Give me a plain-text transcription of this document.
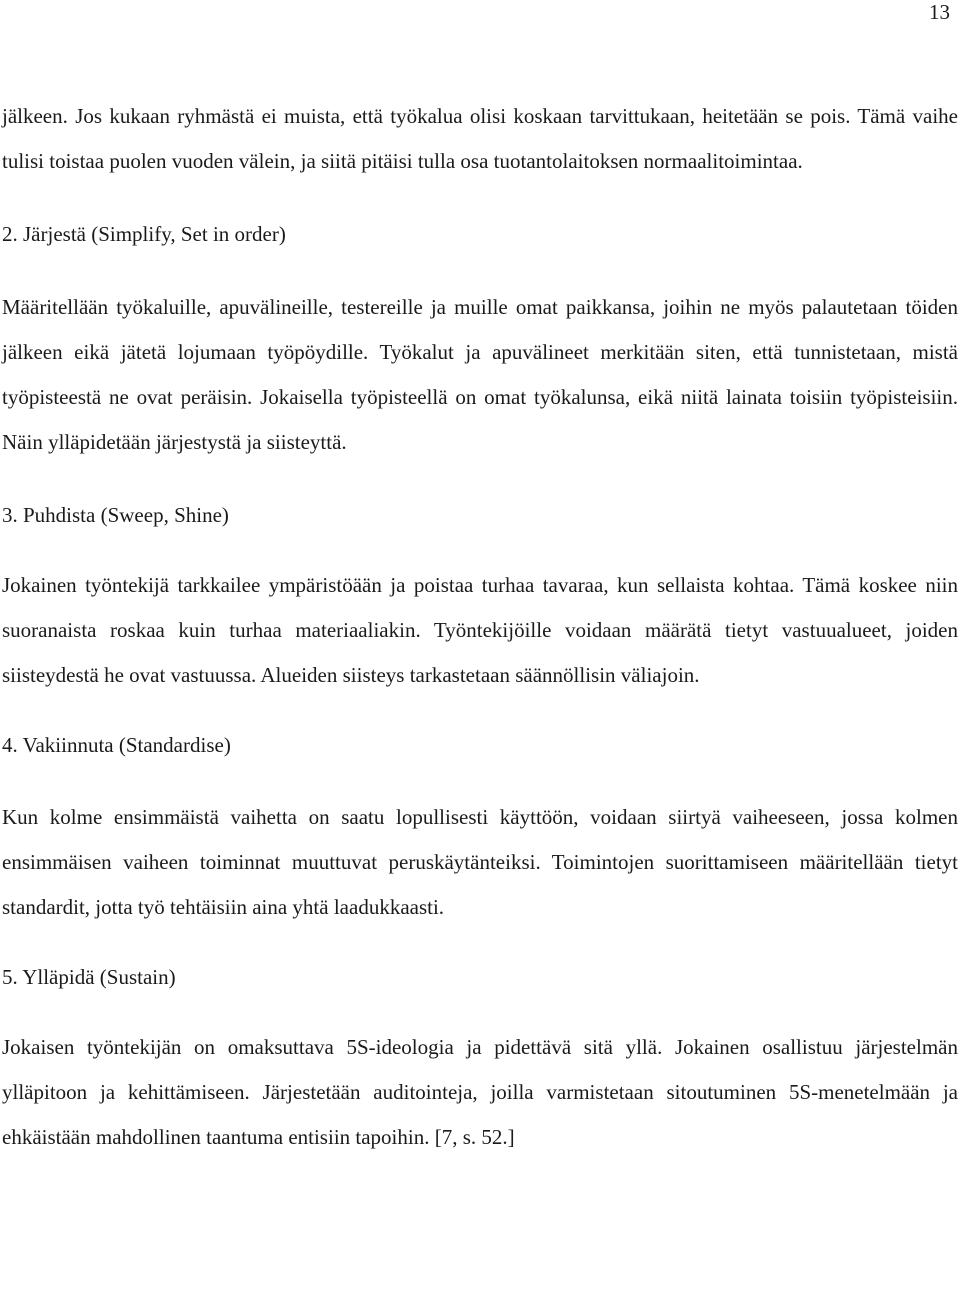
13

jälkeen. Jos kukaan ryhmästä ei muista, että työkalua olisi koskaan tarvittukaan, heitetään se pois. Tämä vaihe tulisi toistaa puolen vuoden välein, ja siitä pitäisi tulla osa tuotantolaitoksen normaalitoimintaa.

2. Järjestä (Simplify, Set in order)

Määritellään työkaluille, apuvälineille, testereille ja muille omat paikkansa, joihin ne myös palautetaan töiden jälkeen eikä jätetä lojumaan työpöydille. Työkalut ja apuvälineet merkitään siten, että tunnistetaan, mistä työpisteestä ne ovat peräisin. Jokaisella työpisteellä on omat työkalunsa, eikä niitä lainata toisiin työpisteisiin. Näin ylläpidetään järjestystä ja siisteyttä.

3. Puhdista (Sweep, Shine)

Jokainen työntekijä tarkkailee ympäristöään ja poistaa turhaa tavaraa, kun sellaista kohtaa. Tämä koskee niin suoranaista roskaa kuin turhaa materiaaliakin. Työntekijöille voidaan määrätä tietyt vastuualueet, joiden siisteydestä he ovat vastuussa. Alueiden siisteys tarkastetaan säännöllisin väliajoin.

4. Vakiinnuta (Standardise)

Kun kolme ensimmäistä vaihetta on saatu lopullisesti käyttöön, voidaan siirtyä vaiheeseen, jossa kolmen ensimmäisen vaiheen toiminnat muuttuvat peruskäytänteiksi. Toimintojen suorittamiseen määritellään tietyt standardit, jotta työ tehtäisiin aina yhtä laadukkaasti.

5. Ylläpidä (Sustain)

Jokaisen työntekijän on omaksuttava 5S-ideologia ja pidettävä sitä yllä. Jokainen osallistuu järjestelmän ylläpitoon ja kehittämiseen. Järjestetään auditointeja, joilla varmistetaan sitoutuminen 5S-menetelmään ja ehkäistään mahdollinen taantuma entisiin tapoihin. [7, s. 52.]
